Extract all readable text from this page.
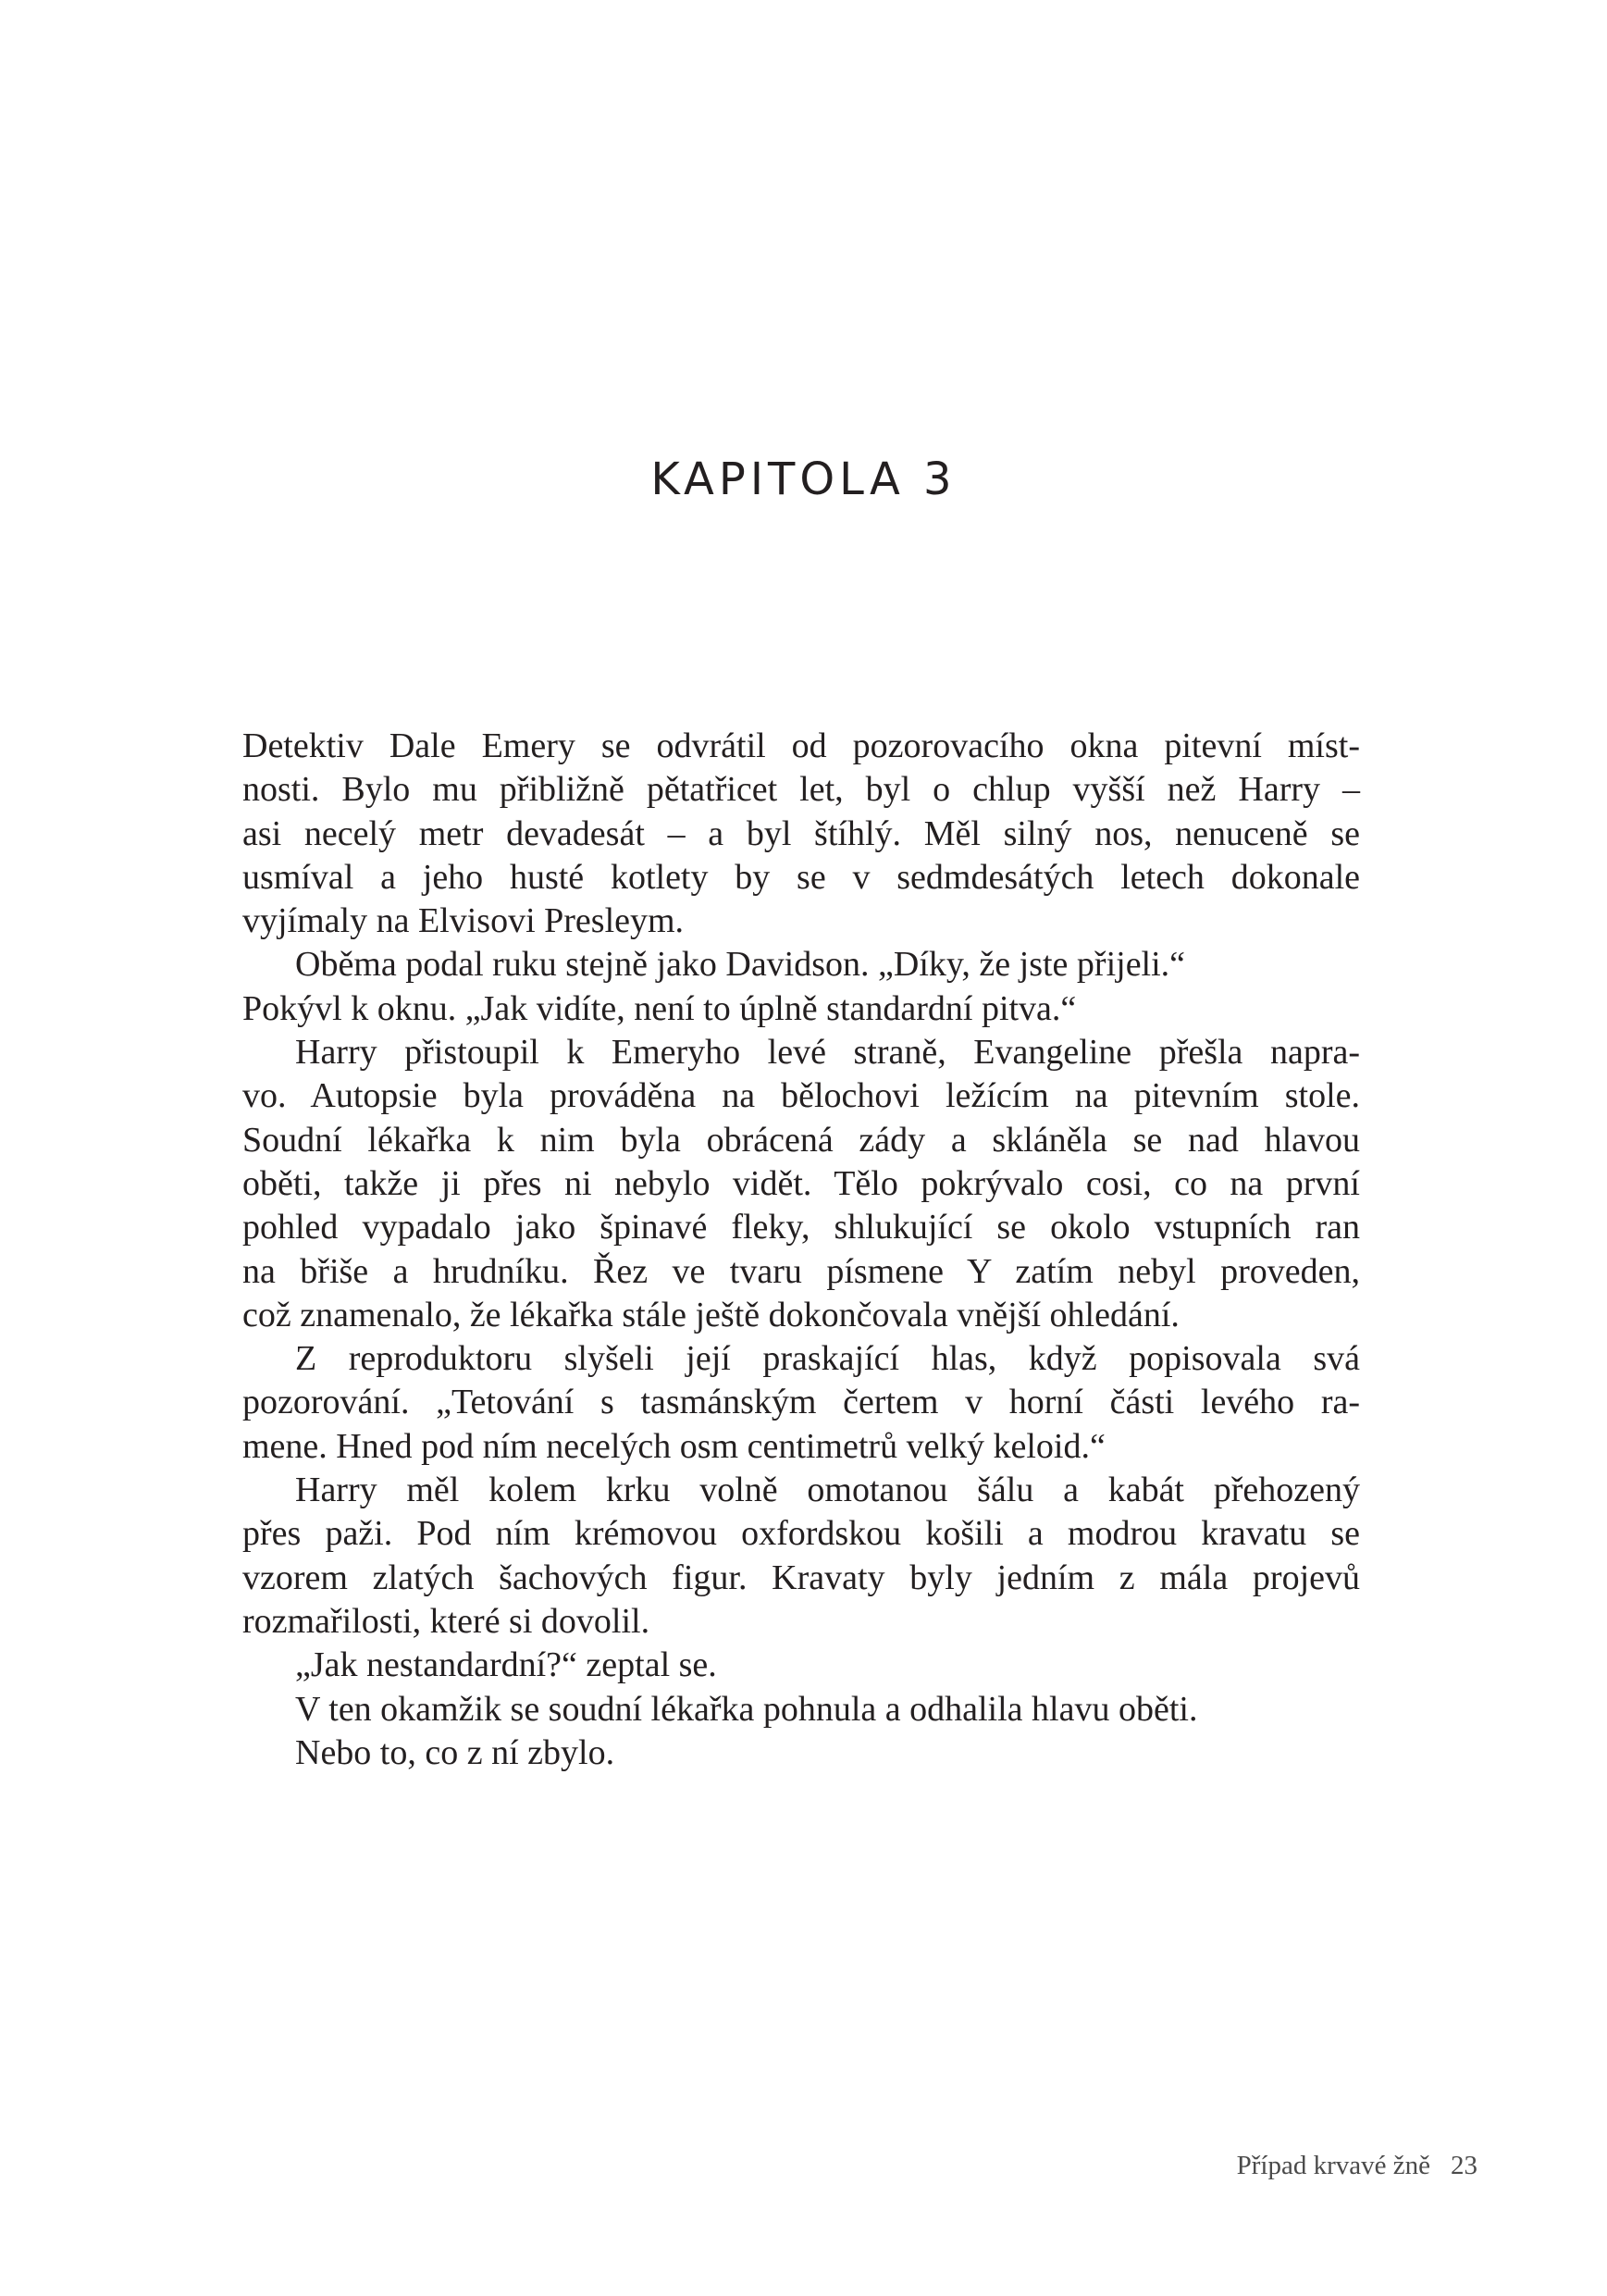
KAPITOLA 3
Detektiv Dale Emery se odvrátil od pozorovacího okna pitevní míst-
nosti. Bylo mu přibližně pětatřicet let, byl o chlup vyšší než Harry –
asi necelý metr devadesát – a byl štíhlý. Měl silný nos, nenuceně se
usmíval a jeho husté kotlety by se v sedmdesátých letech dokonale
vyjímaly na Elvisovi Presleym.
Oběma podal ruku stejně jako Davidson. „Díky, že jste přijeli.“
Pokývl k oknu. „Jak vidíte, není to úplně standardní pitva.“
Harry přistoupil k Emeryho levé straně, Evangeline přešla napra-
vo. Autopsie byla prováděna na bělochovi ležícím na pitevním stole.
Soudní lékařka k nim byla obrácená zády a skláněla se nad hlavou
oběti, takže ji přes ni nebylo vidět. Tělo pokrývalo cosi, co na první
pohled vypadalo jako špinavé fleky, shlukující se okolo vstupních ran
na břiše a hrudníku. Řez ve tvaru písmene Y zatím nebyl proveden,
což znamenalo, že lékařka stále ještě dokončovala vnější ohledání.
Z reproduktoru slyšeli její praskající hlas, když popisovala svá
pozorování. „Tetování s tasmánským čertem v horní části levého ra-
mene. Hned pod ním necelých osm centimetrů velký keloid.“
Harry měl kolem krku volně omotanou šálu a kabát přehozený
přes paži. Pod ním krémovou oxfordskou košili a modrou kravatu se
vzorem zlatých šachových figur. Kravaty byly jedním z mála projevů
rozmařilosti, které si dovolil.
„Jak nestandardní?“ zeptal se.
V ten okamžik se soudní lékařka pohnula a odhalila hlavu oběti.
Nebo to, co z ní zbylo.
Případ krvavé žně 23
